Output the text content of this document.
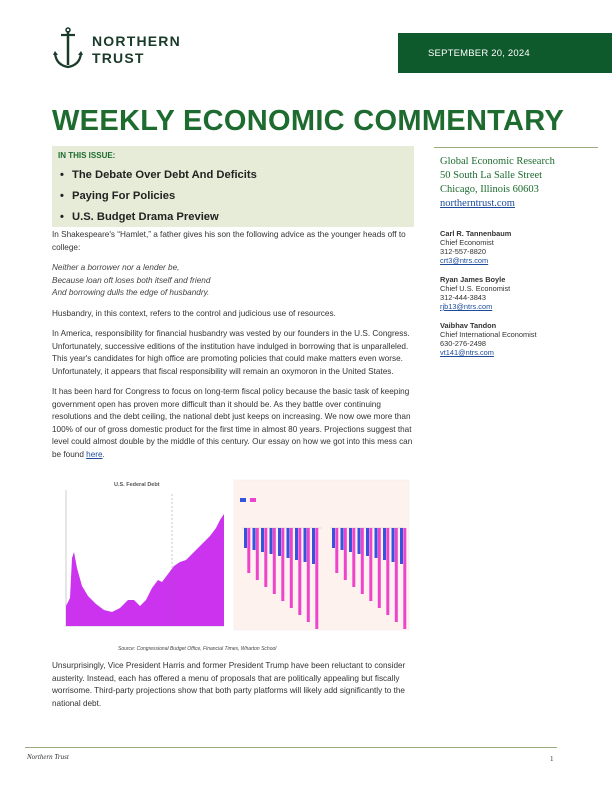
NORTHERN
TRUST	SEPTEMBER 20, 2024
WEEKLY ECONOMIC COMMENTARY
IN THIS ISSUE:
• The Debate Over Debt And Deficits
• Paying For Policies
• U.S. Budget Drama Preview

In Shakespeare's “Hamlet,” a father gives his son the following advice as the younger heads off to college:

Neither a borrower nor a lender be,
Because loan oft loses both itself and friend
And borrowing dulls the edge of husbandry.

Husbandry, in this context, refers to the control and judicious use of resources.

In America, responsibility for financial husbandry was vested by our founders in the U.S. Congress. Unfortunately, successive editions of the institution have indulged in borrowing that is unparalleled. This year's candidates for high office are promoting policies that could make matters even worse. Unfortunately, it appears that fiscal responsibility will remain an oxymoron in the United States.

It has been hard for Congress to focus on long-term fiscal policy because the basic task of keeping government open has proven more difficult than it should be. As they battle over continuing resolutions and the debt ceiling, the national debt just keeps on increasing. We now owe more than 100% of our of gross domestic product for the first time in almost 80 years. Projections suggest that level could almost double by the middle of this century. Our essay on how we got into this mess can be found here.

Global Economic Research
50 South La Salle Street
Chicago, Illinois 60603
northerntrust.com
Carl R. Tannenbaum
Chief Economist
312-557-8820
crt3@ntrs.com
Ryan James Boyle
Chief U.S. Economist
312-444-3843
rjb13@ntrs.com
Vaibhav Tandon
Chief International Economist
630-276-2498
vt141@ntrs.com
U.S. Federal Debt
Source: Congressional Budget Office, Financial Times, Wharton School

Unsurprisingly, Vice President Harris and former President Trump have been reluctant to consider austerity. Instead, each has offered a menu of proposals that are politically appealing but fiscally worrisome. Third-party projections show that both party platforms will likely add significantly to the national debt.

Northern Trust	1
